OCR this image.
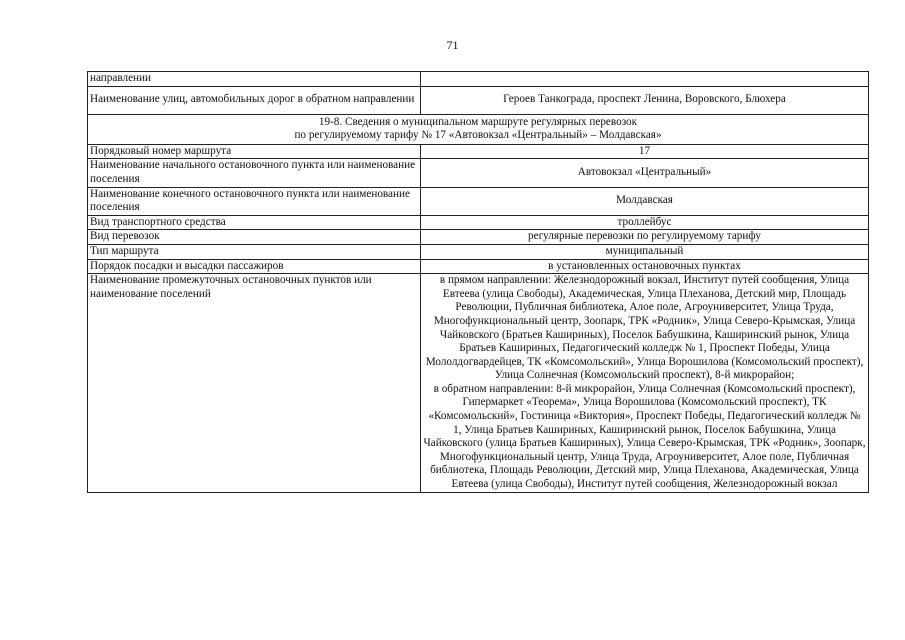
71
направлении	
Наименование улиц, автомобильных дорог в обратном направлении	Героев Танкограда, проспект Ленина, Воровского, Блюхера

19-8. Сведения о муниципальном маршруте регулярных перевозок
по регулируемому тарифу № 17 «Автовокзал «Центральный» – Молдавская»	

Порядковый номер маршрута	17
Наименование начального остановочного пункта или наименование поселения	Автовокзал «Центральный»
Наименование конечного остановочного пункта или наименование поселения	Молдавская
Вид транспортного средства	троллейбус
Вид перевозок	регулярные перевозки по регулируемому тарифу
Тип маршрута	муниципальный
Порядок посадки и высадки пассажиров	в установленных остановочных пунктах
Наименование промежуточных остановочных пунктов или наименование поселений	в прямом направлении: Железнодорожный вокзал, Институт путей сообщения, Улица Евтеева (улица Свободы), Академическая, Улица Плеханова, Детский мир, Площадь Революции, Публичная библиотека, Алое поле, Агроуниверситет, Улица Труда, Многофункциональный центр, Зоопарк, ТРК «Родник», Улица Северо-Крымская, Улица Чайковского (Братьев Кашириных), Поселок Бабушкина, Каширинский рынок, Улица Братьев Кашириных, Педагогический колледж № 1, Проспект Победы, Улица Мололдогвардейцев, ТК «Комсомольский», Улица Ворошилова (Комсомольский проспект), Улица Солнечная (Комсомольский проспект), 8-й микрорайон;
в обратном направлении: 8-й микрорайон, Улица Солнечная (Комсомольский проспект), Гипермаркет «Теорема», Улица Ворошилова (Комсомольский проспект), ТК «Комсомольский», Гостиница «Виктория», Проспект Победы, Педагогический колледж № 1, Улица Братьев Кашириных, Каширинский рынок, Поселок Бабушкина, Улица Чайковского (улица Братьев Кашириных), Улица Северо-Крымская, ТРК «Родник», Зоопарк, Многофункциональный центр, Улица Труда, Агроуниверситет, Алое поле, Публичная библиотека, Площадь Революции, Детский мир, Улица Плеханова, Академическая, Улица Евтеева (улица Свободы), Институт путей сообщения, Железнодорожный вокзал
